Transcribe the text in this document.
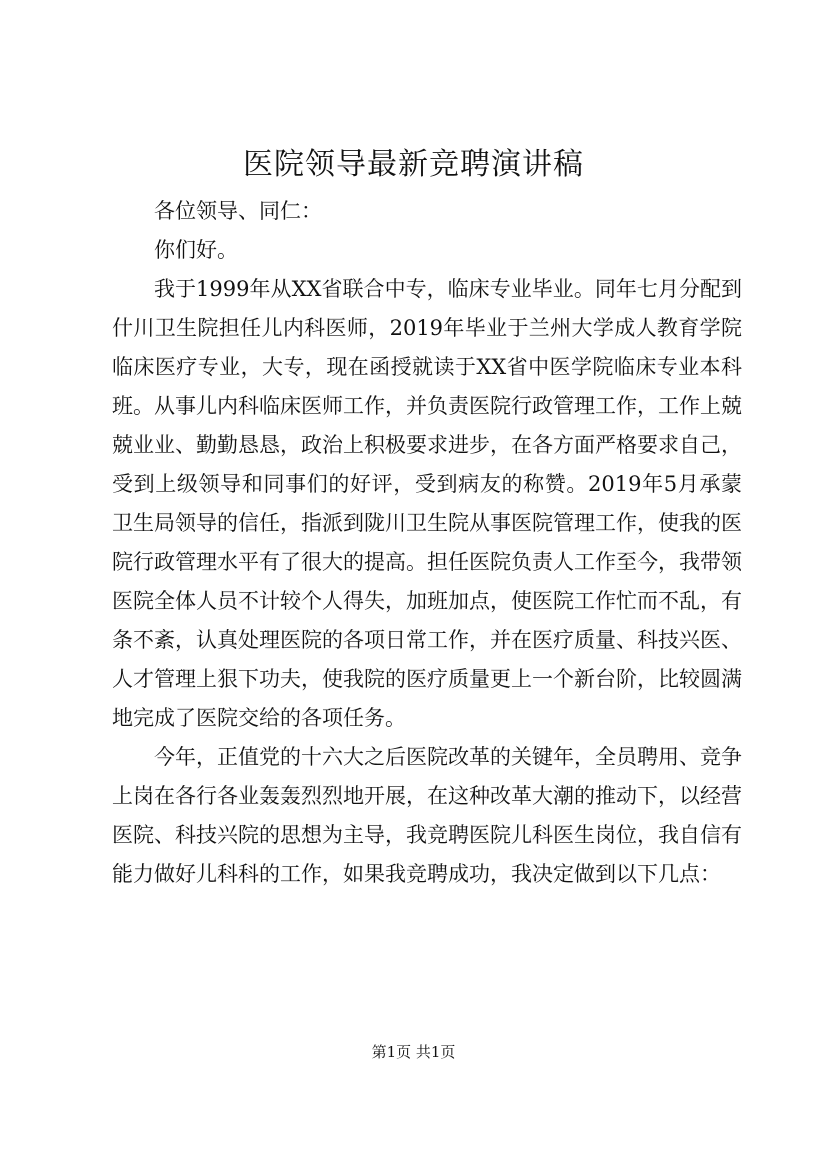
医院领导最新竞聘演讲稿

各位领导、同仁：

你们好。

我于1999年从XX省联合中专，临床专业毕业。同年七月分配到什川卫生院担任儿内科医师，2019年毕业于兰州大学成人教育学院临床医疗专业，大专，现在函授就读于XX省中医学院临床专业本科班。从事儿内科临床医师工作，并负责医院行政管理工作，工作上兢兢业业、勤勤恳恳，政治上积极要求进步，在各方面严格要求自己，受到上级领导和同事们的好评，受到病友的称赞。2019年5月承蒙卫生局领导的信任，指派到陇川卫生院从事医院管理工作，使我的医院行政管理水平有了很大的提高。担任医院负责人工作至今，我带领医院全体人员不计较个人得失，加班加点，使医院工作忙而不乱，有条不紊，认真处理医院的各项日常工作，并在医疗质量、科技兴医、人才管理上狠下功夫，使我院的医疗质量更上一个新台阶，比较圆满地完成了医院交给的各项任务。

今年，正值党的十六大之后医院改革的关键年，全员聘用、竞争上岗在各行各业轰轰烈烈地开展，在这种改革大潮的推动下，以经营医院、科技兴院的思想为主导，我竞聘医院儿科医生岗位，我自信有能力做好儿科科的工作，如果我竞聘成功，我决定做到以下几点：

第1页 共1页
